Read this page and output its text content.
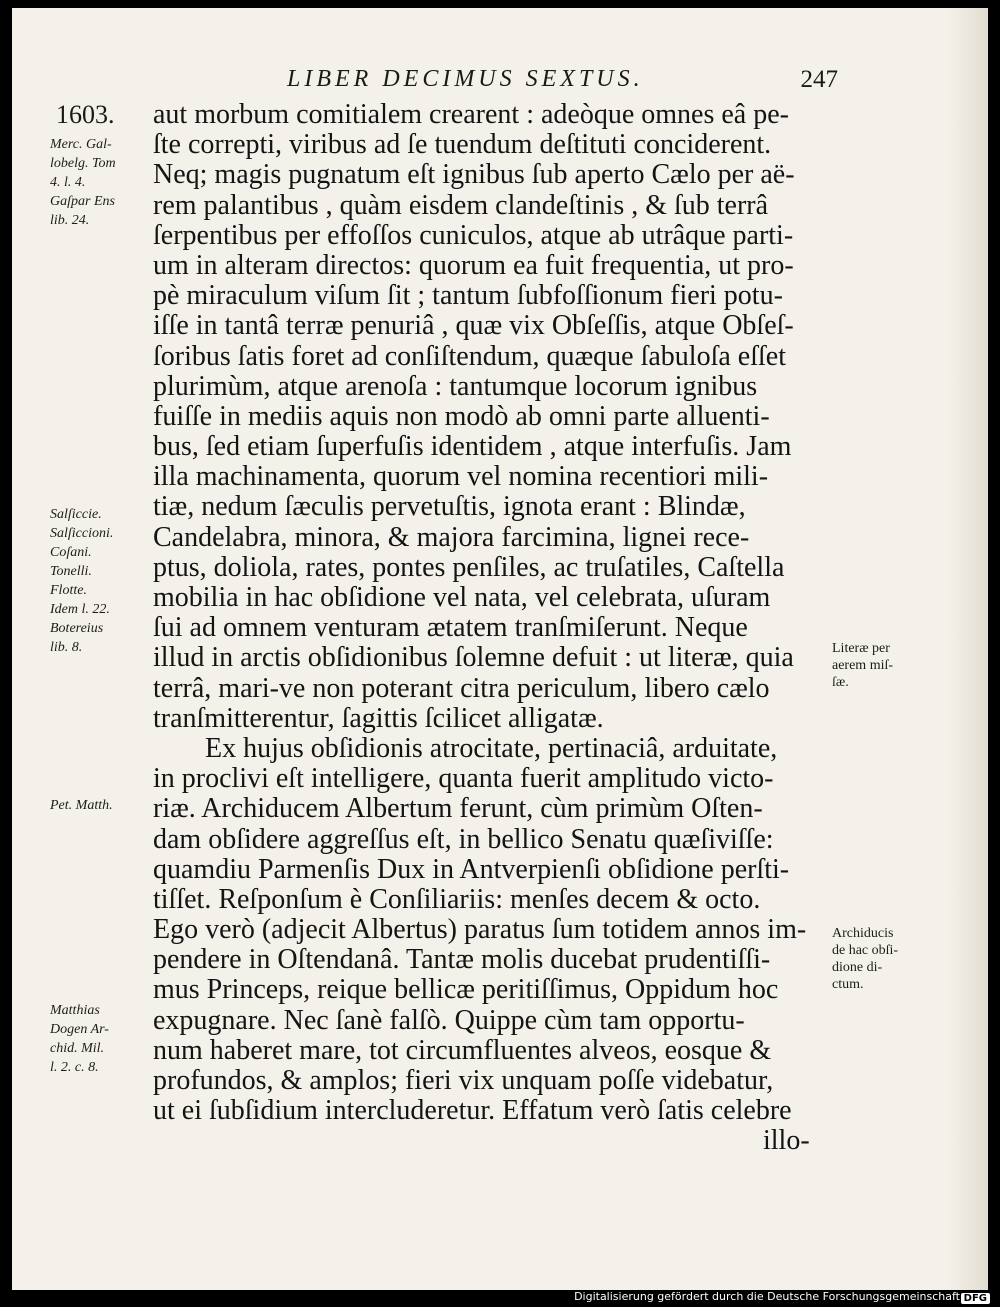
LIBER DECIMUS SEXTUS.	247
1603. aut morbum comitialem crearent : adeòque omnes eâ pe-
ſte correpti, viribus ad ſe tuendum deſtituti conciderent.
Neq; magis pugnatum eſt ignibus ſub aperto Cælo per aë-
rem palantibus , quàm eisdem clandeſtinis , & ſub terrâ
ſerpentibus per effoſſos cuniculos, atque ab utrâque parti-
um in alteram directos: quorum ea fuit frequentia, ut pro-
pè miraculum viſum ſit ; tantum ſubfoſſionum fieri potu-
iſſe in tantâ terræ penuriâ , quæ vix Obſeſſis, atque Obſeſ-
ſoribus ſatis foret ad conſiſtendum, quæque ſabuloſa eſſet
plurimùm, atque arenoſa : tantumque locorum ignibus
fuiſſe in mediis aquis non modò ab omni parte alluenti-
bus, ſed etiam ſuperfuſis identidem , atque interfuſis. Jam
illa machinamenta, quorum vel nomina recentiori mili-
tiæ, nedum ſæculis pervetuſtis, ignota erant : Blindæ,
Candelabra, minora, & majora farcimina, lignei rece-
ptus, doliola, rates, pontes penſiles, ac truſatiles, Caſtella
mobilia in hac obſidione vel nata, vel celebrata, uſuram
ſui ad omnem venturam ætatem tranſmiſerunt. Neque
illud in arctis obſidionibus ſolemne defuit : ut literæ, quia
terrâ, mari-ve non poterant citra periculum, libero cælo
tranſmitterentur, ſagittis ſcilicet alligatæ.
Ex hujus obſidionis atrocitate, pertinaciâ, arduitate,
in proclivi eſt intelligere, quanta fuerit amplitudo victo-
riæ. Archiducem Albertum ferunt, cùm primùm Oſten-
dam obſidere aggreſſus eſt, in bellico Senatu quæſiviſſe:
quamdiu Parmenſis Dux in Antverpienſi obſidione perſti-
tiſſet. Reſponſum è Conſiliariis: menſes decem & octo.
Ego verò (adjecit Albertus) paratus ſum totidem annos im-
pendere in Oſtendanâ. Tantæ molis ducebat prudentiſſi-
mus Princeps, reique bellicæ peritiſſimus, Oppidum hoc
expugnare. Nec ſanè falſò. Quippe cùm tam opportu-
num haberet mare, tot circumfluentes alveos, eosque &
profundos, & amplos; fieri vix unquam poſſe videbatur,
ut ei ſubſidium intercluderetur. Effatum verò ſatis celebre
illo-
Merc. Gal-
lobelg. Tom
4. l. 4.
Gaſpar Ens
lib. 24.
Salſiccie.
Salſiccioni.
Coſani.
Tonelli.
Flotte.
Idem l. 22.
Botereius
lib. 8.
Pet. Matth.
Matthias
Dogen Ar-
chid. Mil.
l. 2. c. 8.
Literæ per
aerem miſ-
ſæ.
Archiducis
de hac obſi-
dione di-
ctum.
Digitalisierung gefördert durch die Deutsche Forschungsgemeinschaft DFG
